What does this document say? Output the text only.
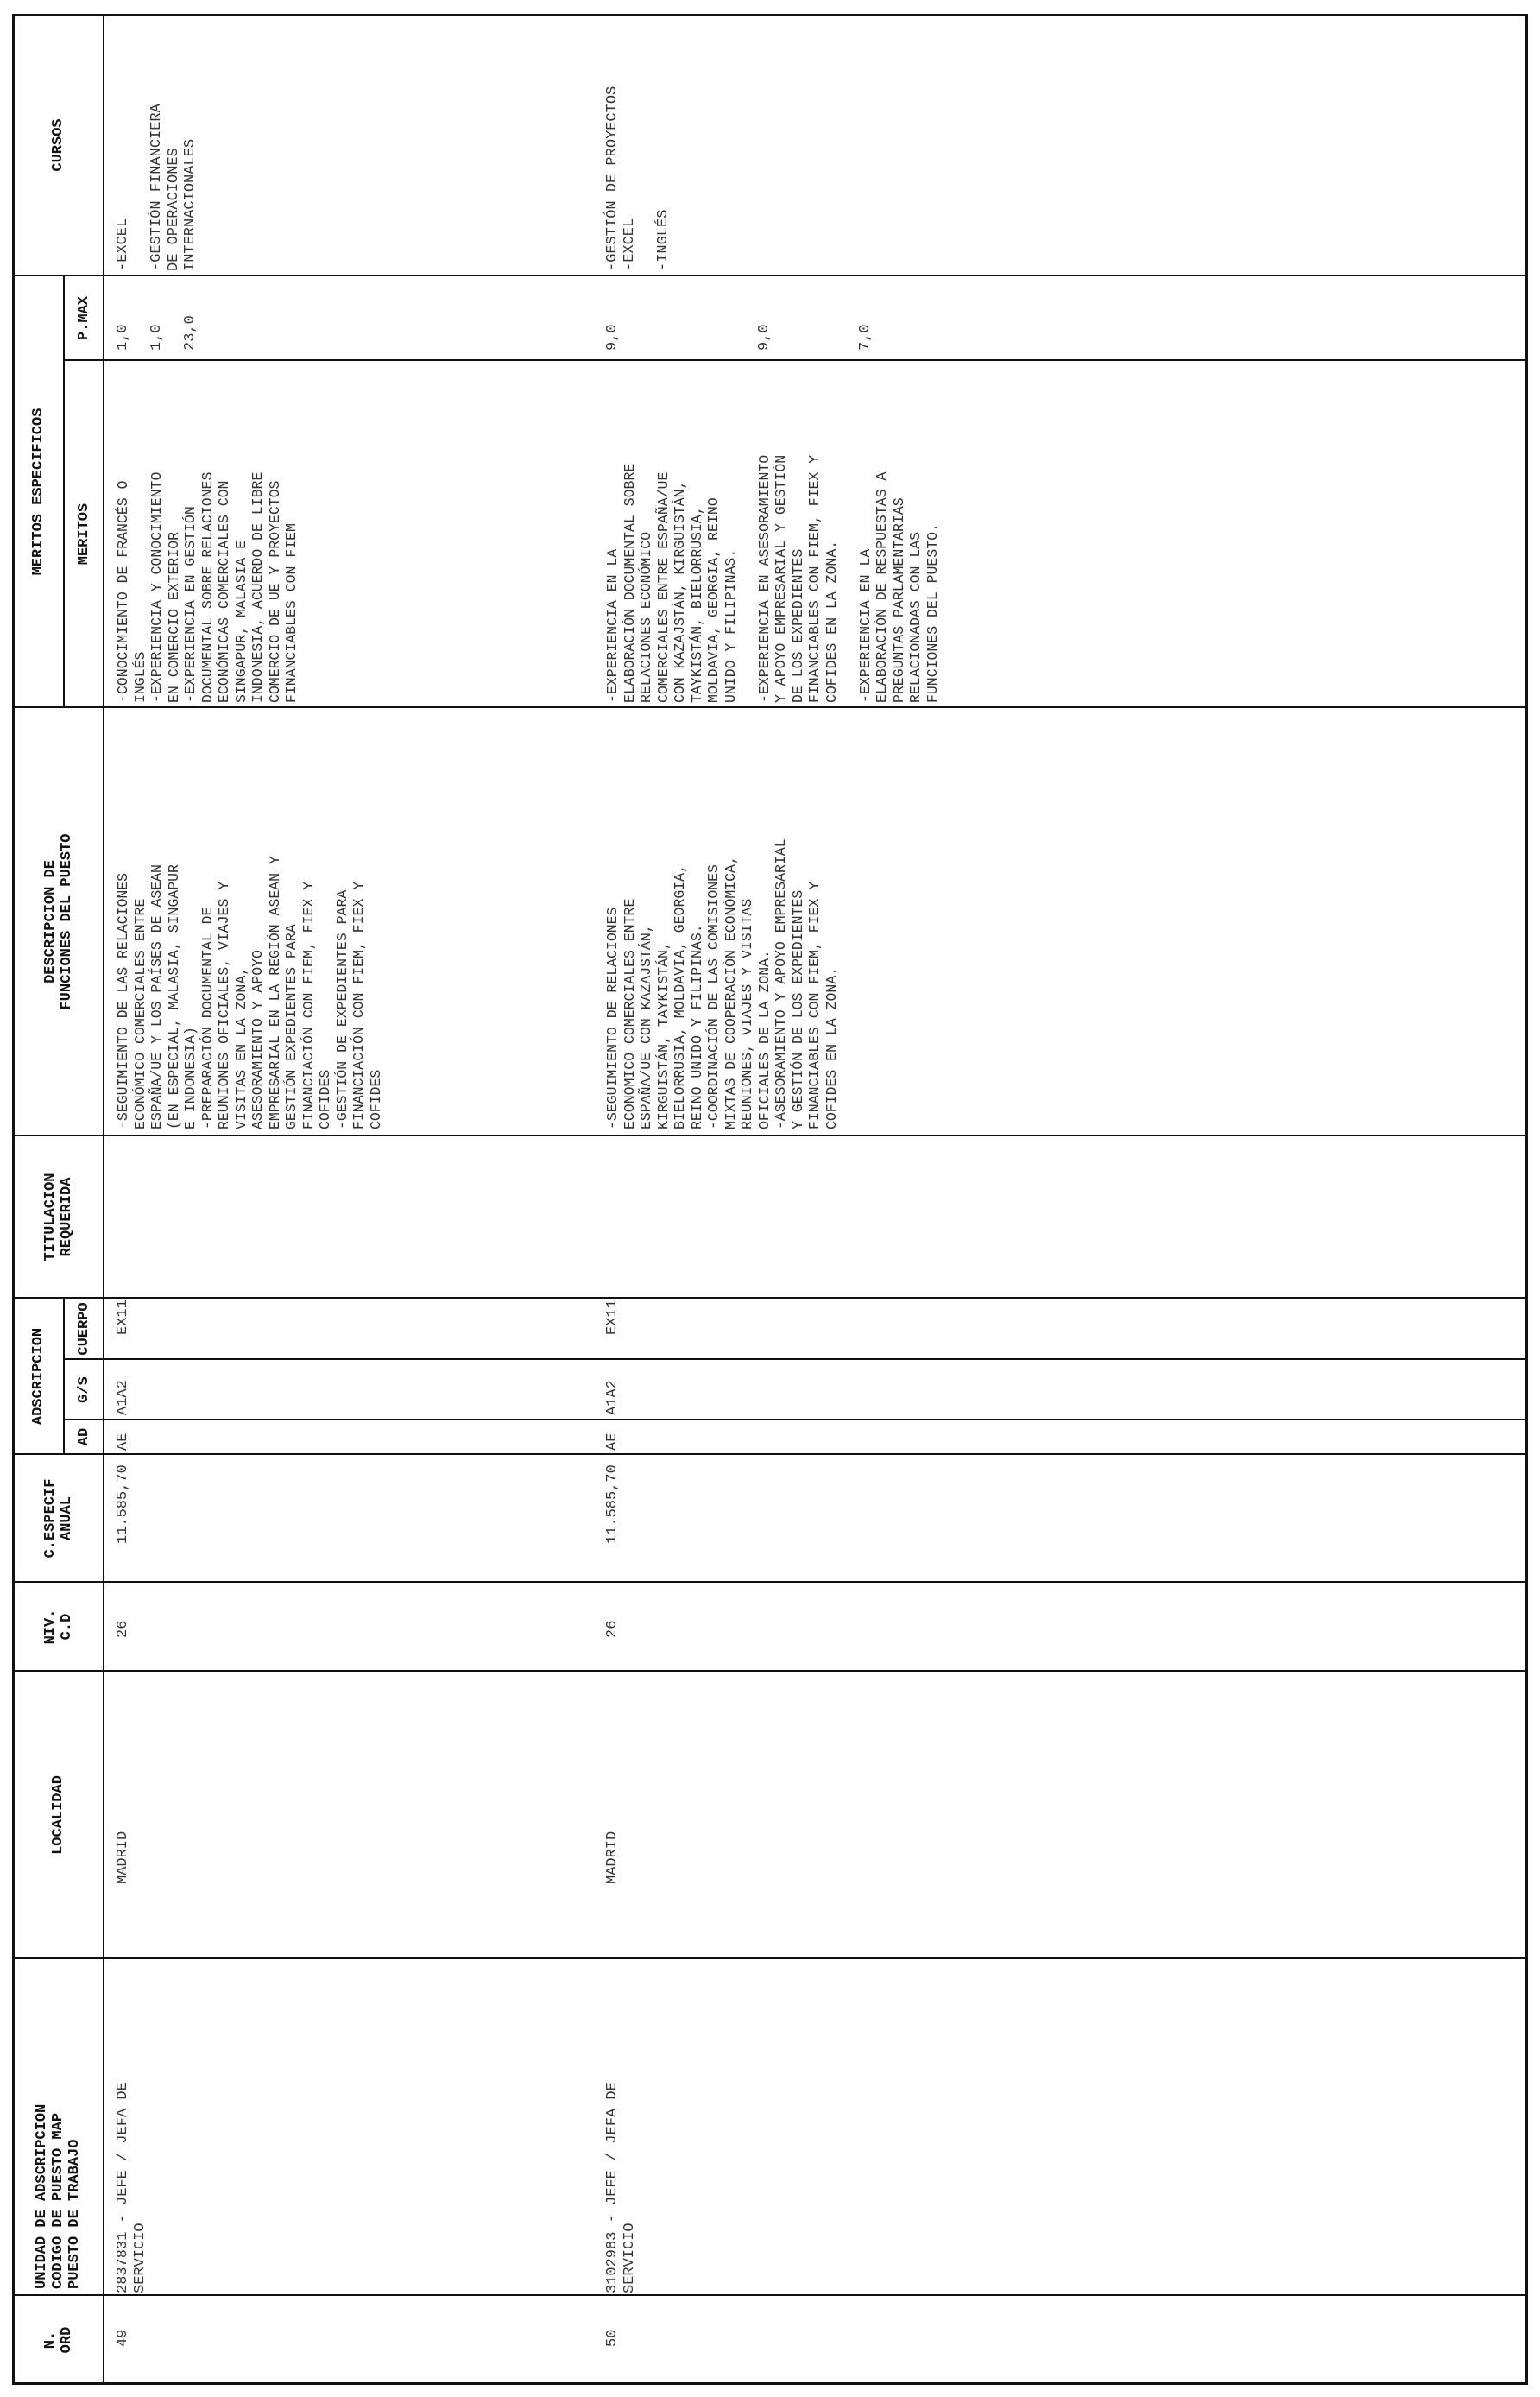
N.
ORD
UNIDAD DE ADSCRIPCION
CODIGO DE PUESTO MAP
PUESTO DE TRABAJO
LOCALIDAD
NIV.
C.D
C.ESPECIF
ANUAL
ADSCRIPCION
AD
G/S
CUERPO
TITULACION
REQUERIDA
DESCRIPCION DE
FUNCIONES DEL PUESTO
MERITOS ESPECIFICOS	MERITOS
P.MAX
CURSOS
49
2837831 - JEFE / JEFA DE
SERVICIO
MADRID
26
11.585,70
AE
A1A2
EX11
-SEGUIMIENTO DE LAS RELACIONES
ECONÓMICO COMERCIALES ENTRE
ESPAÑA/UE Y LOS PAÍSES DE ASEAN
(EN ESPECIAL, MALASIA, SINGAPUR
E INDONESIA)
-PREPARACIÓN DOCUMENTAL DE
REUNIONES OFICIALES, VIAJES Y
VISITAS EN LA ZONA,
ASESORAMIENTO Y APOYO
EMPRESARIAL EN LA REGIÓN ASEAN Y
GESTIÓN EXPEDIENTES PARA
FINANCIACIÓN CON FIEM, FIEX Y
COFIDES
-GESTIÓN DE EXPEDIENTES PARA
FINANCIACIÓN CON FIEM, FIEX Y
COFIDES
-CONOCIMIENTO DE FRANCÉS O
INGLÉS
1,0
-EXPERIENCIA Y CONOCIMIENTO
EN COMERCIO EXTERIOR
1,0
-EXPERIENCIA EN GESTIÓN
DOCUMENTAL SOBRE RELACIONES
ECONÓMICAS COMERCIALES CON
SINGAPUR, MALASIA E
INDONESIA, ACUERDO DE LIBRE
COMERCIO DE UE Y PROYECTOS
FINANCIABLES CON FIEM
23,0
-EXCEL

-GESTIÓN FINANCIERA
DE OPERACIONES
INTERNACIONALES
50
3102983 - JEFE / JEFA DE
SERVICIO
MADRID
26
11.585,70
AE
A1A2
EX11
-SEGUIMIENTO DE RELACIONES
ECONÓMICO COMERCIALES ENTRE
ESPAÑA/UE CON KAZAJSTÁN,
KIRGUISTÁN, TAYKISTÁN,
BIELORRUSIA, MOLDAVIA, GEORGIA,
REINO UNIDO Y FILIPINAS.
-COORDINACIÓN DE LAS COMISIONES
MIXTAS DE COOPERACIÓN ECONÓMICA,
REUNIONES, VIAJES Y VISITAS
OFICIALES DE LA ZONA.
-ASESORAMIENTO Y APOYO EMPRESARIAL
Y GESTIÓN DE LOS EXPEDIENTES
FINANCIABLES CON FIEM, FIEX Y
COFIDES EN LA ZONA.
-EXPERIENCIA EN LA
ELABORACIÓN DOCUMENTAL SOBRE
RELACIONES ECONÓMICO
COMERCIALES ENTRE ESPAÑA/UE
CON KAZAJSTÁN, KIRGUISTÁN,
TAYKISTÁN, BIELORRUSIA,
MOLDAVIA, GEORGIA, REINO
UNIDO Y FILIPINAS.
9,0
-EXPERIENCIA EN ASESORAMIENTO
Y APOYO EMPRESARIAL Y GESTIÓN
DE LOS EXPEDIENTES
FINANCIABLES CON FIEM, FIEX Y
COFIDES EN LA ZONA.
9,0
-EXPERIENCIA EN LA
ELABORACIÓN DE RESPUESTAS A
PREGUNTAS PARLAMENTARIAS
RELACIONADAS CON LAS
FUNCIONES DEL PUESTO.
7,0
-GESTIÓN DE PROYECTOS
-EXCEL

-INGLÉS
